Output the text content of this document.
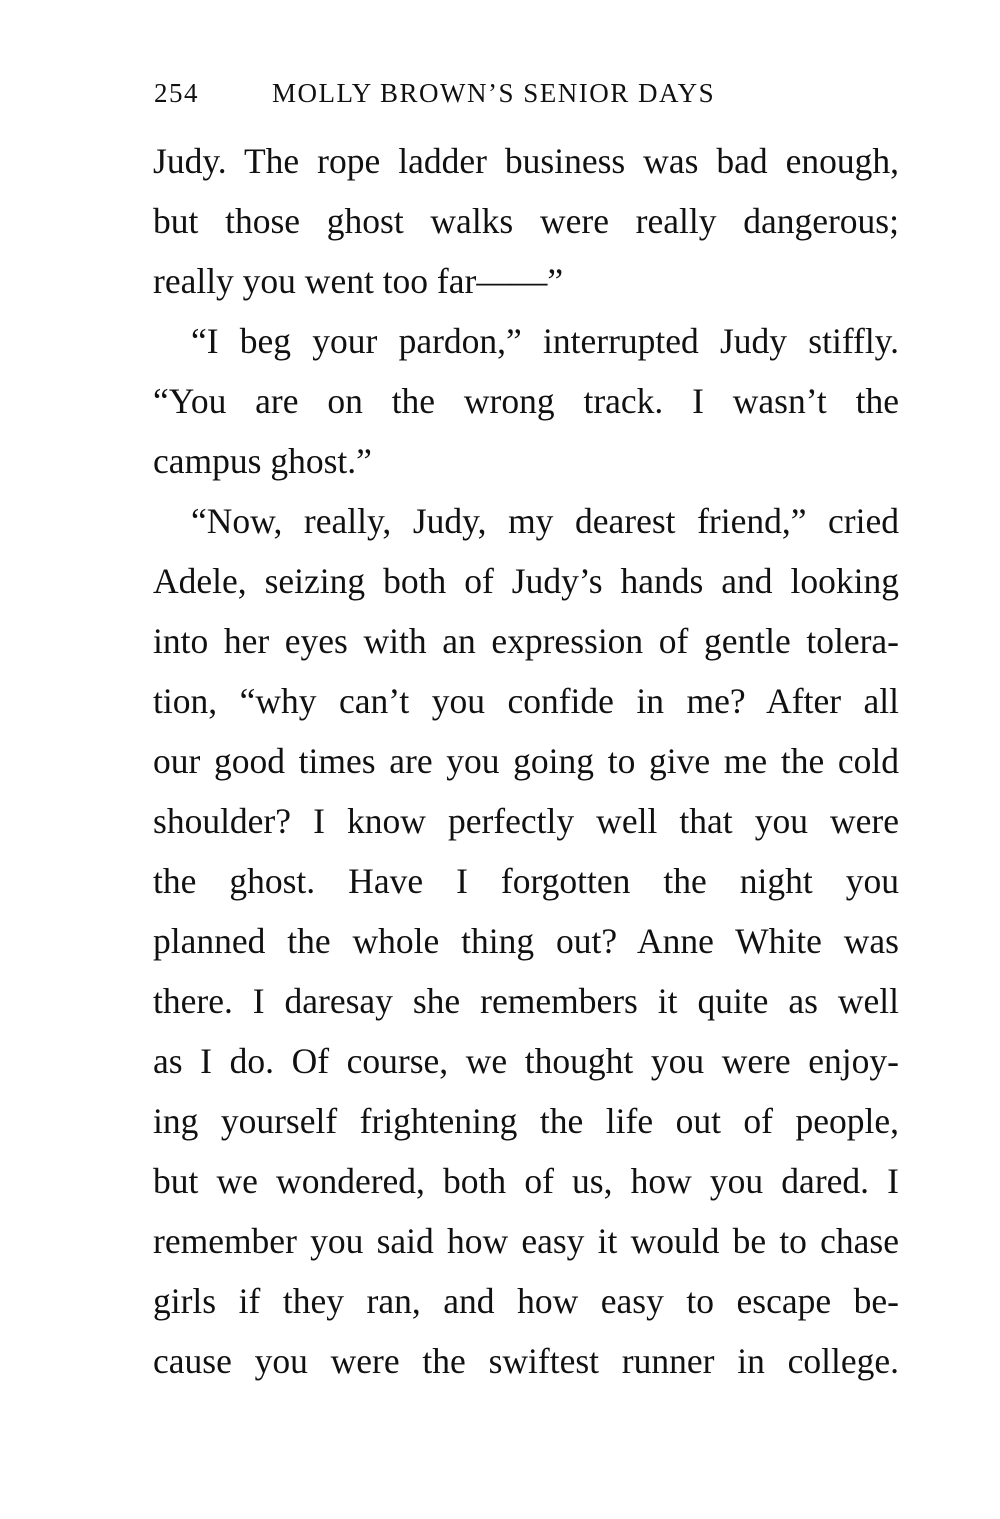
254	MOLLY BROWN’S SENIOR DAYS
Judy. The rope ladder business was bad enough,
but those ghost walks were really dangerous;
really you went too far——”
“I beg your pardon,” interrupted Judy stiffly.
“You are on the wrong track. I wasn’t the
campus ghost.”
“Now, really, Judy, my dearest friend,” cried
Adele, seizing both of Judy’s hands and looking
into her eyes with an expression of gentle tolera-
tion, “why can’t you confide in me? After all
our good times are you going to give me the cold
shoulder? I know perfectly well that you were
the ghost. Have I forgotten the night you
planned the whole thing out? Anne White was
there. I daresay she remembers it quite as well
as I do. Of course, we thought you were enjoy-
ing yourself frightening the life out of people,
but we wondered, both of us, how you dared. I
remember you said how easy it would be to chase
girls if they ran, and how easy to escape be-
cause you were the swiftest runner in college.
